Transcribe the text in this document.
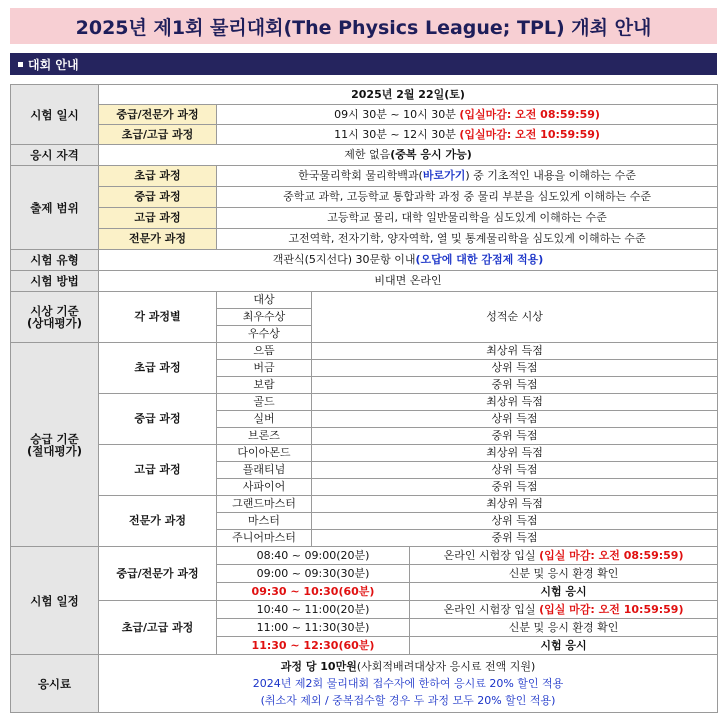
2025년 제1회 물리대회(The Physics League; TPL) 개최 안내
대회 안내
시험 일시	2025년 2월 22일(토)			
	중급/전문가 과정	09시 30분 ~ 10시 30분 (입실마감: 오전 08:59:59)		
	초급/고급 과정	11시 30분 ~ 12시 30분 (입실마감: 오전 10:59:59)		
응시 자격	제한 없음(중복 응시 가능)			
출제 범위	초급 과정	한국물리학회 물리학백과(바로가기) 중 기초적인 내용을 이해하는 수준		
	중급 과정	중학교 과학, 고등학교 통합과학 과정 중 물리 부분을 심도있게 이해하는 수준		
	고급 과정	고등학교 물리, 대학 일반물리학을 심도있게 이해하는 수준		
	전문가 과정	고전역학, 전자기학, 양자역학, 열 및 통계물리학을 심도있게 이해하는 수준		
시험 유형	객관식(5지선다) 30문항 이내(오답에 대한 감점제 적용)			
시험 방법	비대면 온라인			

시상 기준
(상대평가)	각 과정별	대상	성적순 시상	
		최우수상		
		우수상		

승급 기준
(절대평가)	초급 과정	으뜸	최상위 득점	
		버금	상위 득점	
		보람	중위 득점	
	중급 과정	골드	최상위 득점	
		실버	상위 득점	
		브론즈	중위 득점	
	고급 과정	다이아몬드	최상위 득점	
		플래티넘	상위 득점	
		사파이어	중위 득점	
	전문가 과정	그랜드마스터	최상위 득점	
		마스터	상위 득점	
		주니어마스터	중위 득점	
시험 일정	중급/전문가 과정	08:40 ~ 09:00(20분)		온라인 시험장 입실 (입실 마감: 오전 08:59:59)
		09:00 ~ 09:30(30분)		신분 및 응시 환경 확인
		09:30 ~ 10:30(60분)		시험 응시
	초급/고급 과정	10:40 ~ 11:00(20분)		온라인 시험장 입실 (입실 마감: 오전 10:59:59)
		11:00 ~ 11:30(30분)		신분 및 응시 환경 확인
		11:30 ~ 12:30(60분)		시험 응시
응시료	과정 당 10만원(사회적배려대상자 응시료 전액 지원)
2024년 제2회 물리대회 접수자에 한하여 응시료 20% 할인 적용
(취소자 제외 / 중복접수할 경우 두 과정 모두 20% 할인 적용)			
